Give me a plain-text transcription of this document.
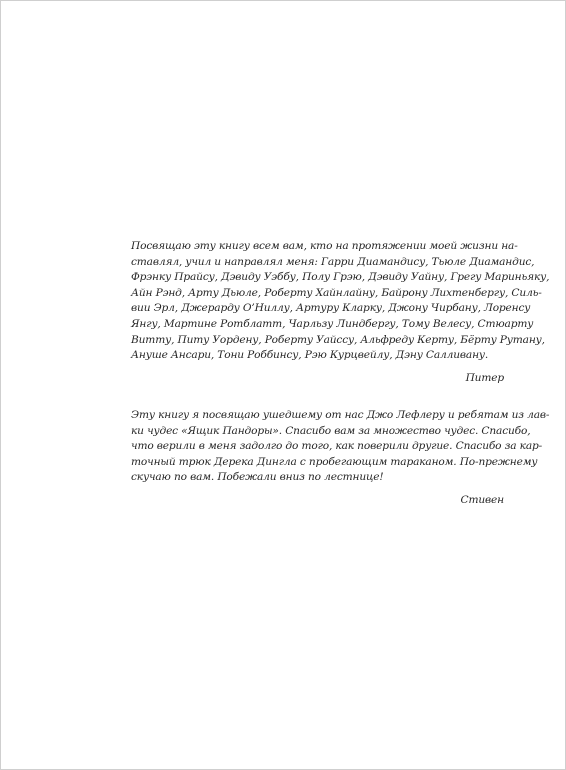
Посвящаю эту книгу всем вам, кто на протяжении моей жизни на-
ставлял, учил и направлял меня: Гарри Диамандису, Тьюле Диамандис,
Фрэнку Прайсу, Дэвиду Уэббу, Полу Грэю, Дэвиду Уайну, Грегу Мариньяку,
Айн Рэнд, Арту Дьюле, Роберту Хайнлайну, Байрону Лихтенбергу, Силь-
вии Эрл, Джерарду О’Ниллу, Артуру Кларку, Джону Чирбану, Лоренсу
Янгу, Мартине Ротблатт, Чарльзу Линдбергу, Тому Велесу, Стюарту
Витту, Питу Уордену, Роберту Уайссу, Альфреду Керту, Бёрту Рутану,
Ануше Ансари, Тони Роббинсу, Рэю Курцвейлу, Дэну Салливану.
Питер
Эту книгу я посвящаю ушедшему от нас Джо Лефлеру и ребятам из лав-
ки чудес «Ящик Пандоры». Спасибо вам за множество чудес. Спасибо,
что верили в меня задолго до того, как поверили другие. Спасибо за кар-
точный трюк Дерека Дингла с пробегающим тараканом. По-прежнему
скучаю по вам. Побежали вниз по лестнице!
Стивен
